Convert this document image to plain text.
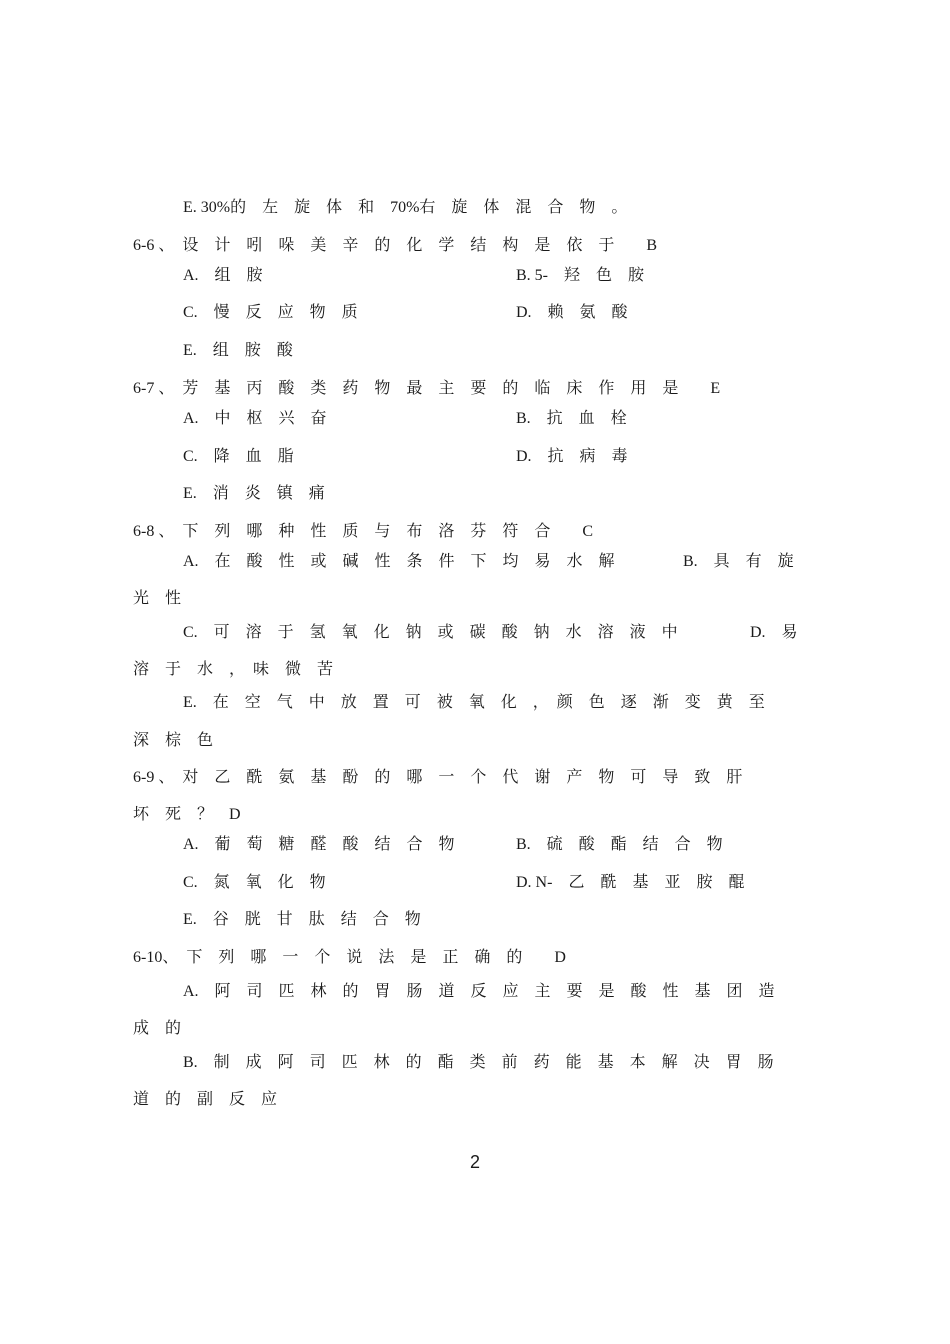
E. 30%的　左　旋　体　和　70%右　旋　体　混　合　物　。
6-6 、　设　计　吲　哚　美　辛　的　化　学　结　构　是　依　于　　B
A.　组　胺	B. 5-　羟　色　胺
C.　慢　反　应　物　质	D.　赖　氨　酸
E.　组　胺　酸
6-7 、　芳　基　丙　酸　类　药　物　最　主　要　的　临　床　作　用　是　　E
A.　中　枢　兴　奋	B.　抗　血　栓
C.　降　血　脂	D.　抗　病　毒
E.　消　炎　镇　痛
6-8 、　下　列　哪　种　性　质　与　布　洛　芬　符　合　　C
A.　在　酸　性　或　碱　性　条　件　下　均　易　水　解	B.　具　有　旋
光　性
C.　可　溶　于　氢　氧　化　钠　或　碳　酸　钠　水　溶　液　中	D.　易
溶　于　水　，　味　微　苦
E.　在　空　气　中　放　置　可　被　氧　化　，　颜　色　逐　渐　变　黄　至
深　棕　色
6-9 、　对　乙　酰　氨　基　酚　的　哪　一　个　代　谢　产　物　可　导　致　肝
坏　死　？　D
A.　葡　萄　糖　醛　酸　结　合　物	B.　硫　酸　酯　结　合　物
C.　氮　氧　化　物	D. N-　乙　酰　基　亚　胺　醌
E.　谷　胱　甘　肽　结　合　物
6-10、　下　列　哪　一　个　说　法　是　正　确　的　　D
A.　阿　司　匹　林　的　胃　肠　道　反　应　主　要　是　酸　性　基　团　造
成　的
B.　制　成　阿　司　匹　林　的　酯　类　前　药　能　基　本　解　决　胃　肠
道　的　副　反　应
2
